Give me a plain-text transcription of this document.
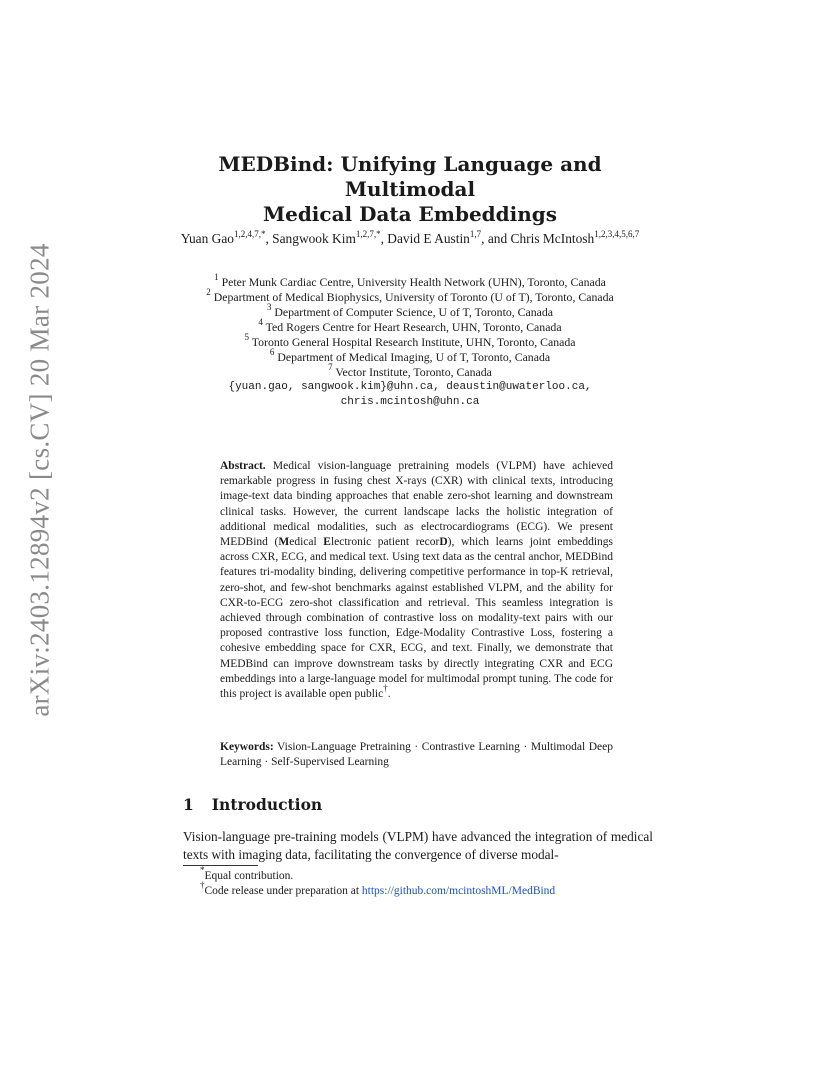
arXiv:2403.12894v2 [cs.CV] 20 Mar 2024
MEDBind: Unifying Language and Multimodal
Medical Data Embeddings
Yuan Gao$^{1,2,4,7,*}$, Sangwook Kim$^{1,2,7,*}$, David E Austin$^{1,7}$, and Chris McIntosh$^{1,2,3,4,5,6,7}$
$^1$ Peter Munk Cardiac Centre, University Health Network (UHN), Toronto, Canada
$^2$ Department of Medical Biophysics, University of Toronto (U of T), Toronto, Canada
$^3$ Department of Computer Science, U of T, Toronto, Canada
$^4$ Ted Rogers Centre for Heart Research, UHN, Toronto, Canada
$^5$ Toronto General Hospital Research Institute, UHN, Toronto, Canada
$^6$ Department of Medical Imaging, U of T, Toronto, Canada
$^7$ Vector Institute, Toronto, Canada
{yuan.gao, sangwook.kim}@uhn.ca, deaustin@uwaterloo.ca,
chris.mcintosh@uhn.ca
Abstract. Medical vision-language pretraining models (VLPM) have achieved remarkable progress in fusing chest X-rays (CXR) with clinical texts, introducing image-text data binding approaches that enable zero-shot learning and downstream clinical tasks. However, the current landscape lacks the holistic integration of additional medical modalities, such as electrocardiograms (ECG). We present MEDBind (Medical Electronic patient recorD), which learns joint embeddings across CXR, ECG, and medical text. Using text data as the central anchor, MEDBind features tri-modality binding, delivering competitive performance in top-K retrieval, zero-shot, and few-shot benchmarks against established VLPM, and the ability for CXR-to-ECG zero-shot classification and retrieval. This seamless integration is achieved through combination of contrastive loss on modality-text pairs with our proposed contrastive loss function, Edge-Modality Contrastive Loss, fostering a cohesive embedding space for CXR, ECG, and text. Finally, we demonstrate that MEDBind can improve downstream tasks by directly integrating CXR and ECG embeddings into a large-language model for multimodal prompt tuning. The code for this project is available open public†.
Keywords: Vision-Language Pretraining · Contrastive Learning · Multimodal Deep Learning · Self-Supervised Learning
1 Introduction
Vision-language pre-training models (VLPM) have advanced the integration of medical texts with imaging data, facilitating the convergence of diverse modal-
*Equal contribution.
†Code release under preparation at https://github.com/mcintoshML/MedBind
